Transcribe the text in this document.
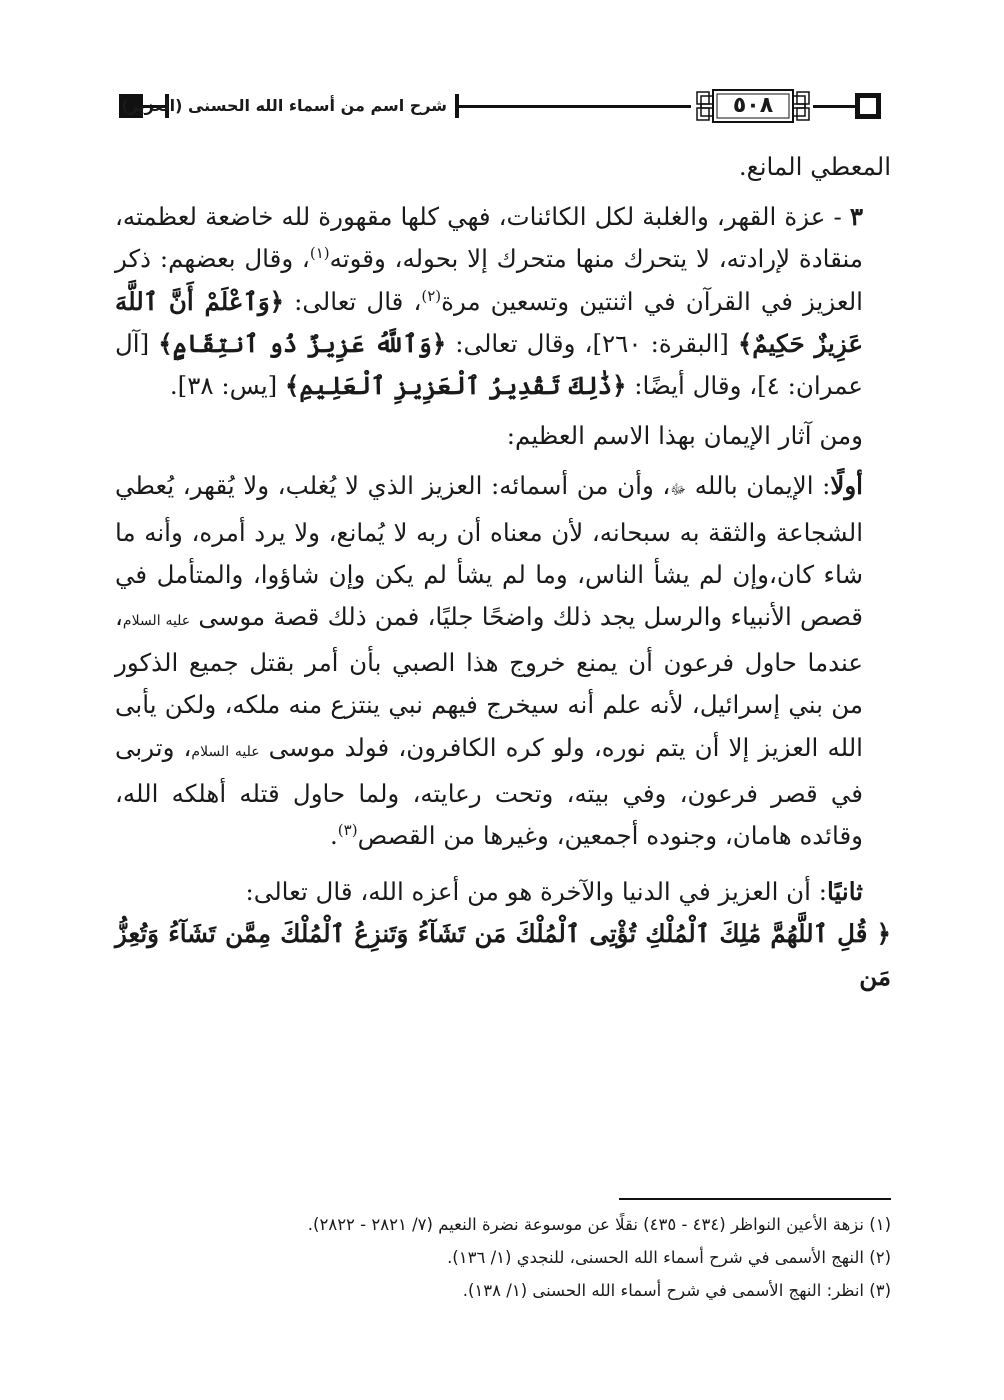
شرح اسم من أسماء الله الحسنى (العزيز)	٥٠٨

المعطي المانع.

٣ - عزة القهر، والغلبة لكل الكائنات، فهي كلها مقهورة لله خاضعة لعظمته، منقادة لإرادته، لا يتحرك منها متحرك إلا بحوله، وقوته$^{(١)}$، وقال بعضهم: ذكر العزيز في القرآن في اثنتين وتسعين مرة$^{(٢)}$، قال تعالى: ﴿وَٱعْلَمْ أَنَّ ٱللَّهَ عَزِيزٌ حَكِيمٌ﴾ [البقرة: ٢٦٠]، وقال تعالى: ﴿وَٱللَّهُ عَزِيزٌ ذُو ٱنتِقَامٍ﴾ [آل عمران: ٤]، وقال أيضًا: ﴿ذَٰلِكَ تَقْدِيرُ ٱلْعَزِيزِ ٱلْعَلِيمِ﴾ [يس: ٣٨].

ومن آثار الإيمان بهذا الاسم العظيم:

أولًا: الإيمان بالله ﷻ، وأن من أسمائه: العزيز الذي لا يُغلب، ولا يُقهر، يُعطي الشجاعة والثقة به سبحانه، لأن معناه أن ربه لا يُمانع، ولا يرد أمره، وأنه ما شاء كان،وإن لم يشأ الناس، وما لم يشأ لم يكن وإن شاؤوا، والمتأمل في قصص الأنبياء والرسل يجد ذلك واضحًا جليًا، فمن ذلك قصة موسى عليه السلام، عندما حاول فرعون أن يمنع خروج هذا الصبي بأن أمر بقتل جميع الذكور من بني إسرائيل، لأنه علم أنه سيخرج فيهم نبي ينتزع منه ملكه، ولكن يأبى الله العزيز إلا أن يتم نوره، ولو كره الكافرون، فولد موسى عليه السلام، وتربى في قصر فرعون، وفي بيته، وتحت رعايته، ولما حاول قتله أهلكه الله، وقائده هامان، وجنوده أجمعين، وغيرها من القصص$^{(٣)}$.

ثانيًا: أن العزيز في الدنيا والآخرة هو من أعزه الله، قال تعالى:

﴿ قُلِ ٱللَّهُمَّ مَٰلِكَ ٱلْمُلْكِ تُؤْتِى ٱلْمُلْكَ مَن تَشَآءُ وَتَنزِعُ ٱلْمُلْكَ مِمَّن تَشَآءُ وَتُعِزُّ مَن

(١) نزهة الأعين النواظر (٤٣٤ - ٤٣٥) نقلًا عن موسوعة نضرة النعيم (٧/ ٢٨٢١ - ٢٨٢٢).

(٢) النهج الأسمى في شرح أسماء الله الحسنى، للنجدي (١/ ١٣٦).

(٣) انظر: النهج الأسمى في شرح أسماء الله الحسنى (١/ ١٣٨).
